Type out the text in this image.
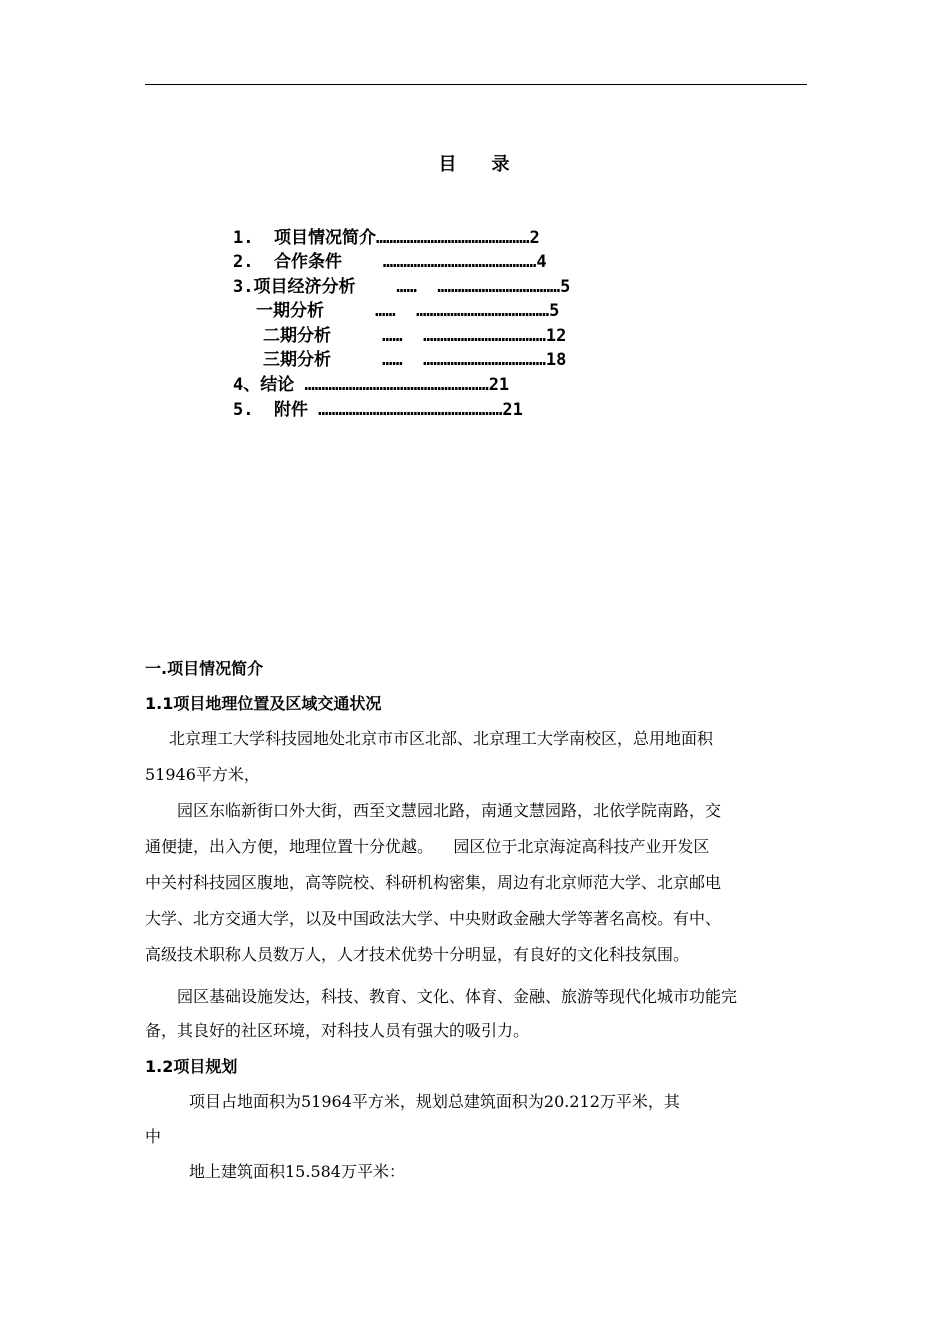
目    录
1.  项目情况简介………………………………………2
2.  合作条件    ………………………………………4
3.项目经济分析    ……  ………………………………5
一期分析     ……  …………………………………5
二期分析     ……  ………………………………12
三期分析     ……  ………………………………18
4、结论 ………………………………………………21
5.  附件 ………………………………………………21
一.项目情况简介
1.1项目地理位置及区域交通状况
北京理工大学科技园地处北京市市区北部、北京理工大学南校区，总用地面积
51946平方米，
园区东临新街口外大街，西至文慧园北路，南通文慧园路，北依学院南路，交
通便捷，出入方便，地理位置十分优越。    园区位于北京海淀高科技产业开发区
中关村科技园区腹地，高等院校、科研机构密集，周边有北京师范大学、北京邮电
大学、北方交通大学，以及中国政法大学、中央财政金融大学等著名高校。有中、
高级技术职称人员数万人，人才技术优势十分明显，有良好的文化科技氛围。
园区基础设施发达，科技、教育、文化、体育、金融、旅游等现代化城市功能完
备，其良好的社区环境，对科技人员有强大的吸引力。
1.2项目规划
项目占地面积为51964平方米，规划总建筑面积为20.212万平米，其
中
地上建筑面积15.584万平米：
